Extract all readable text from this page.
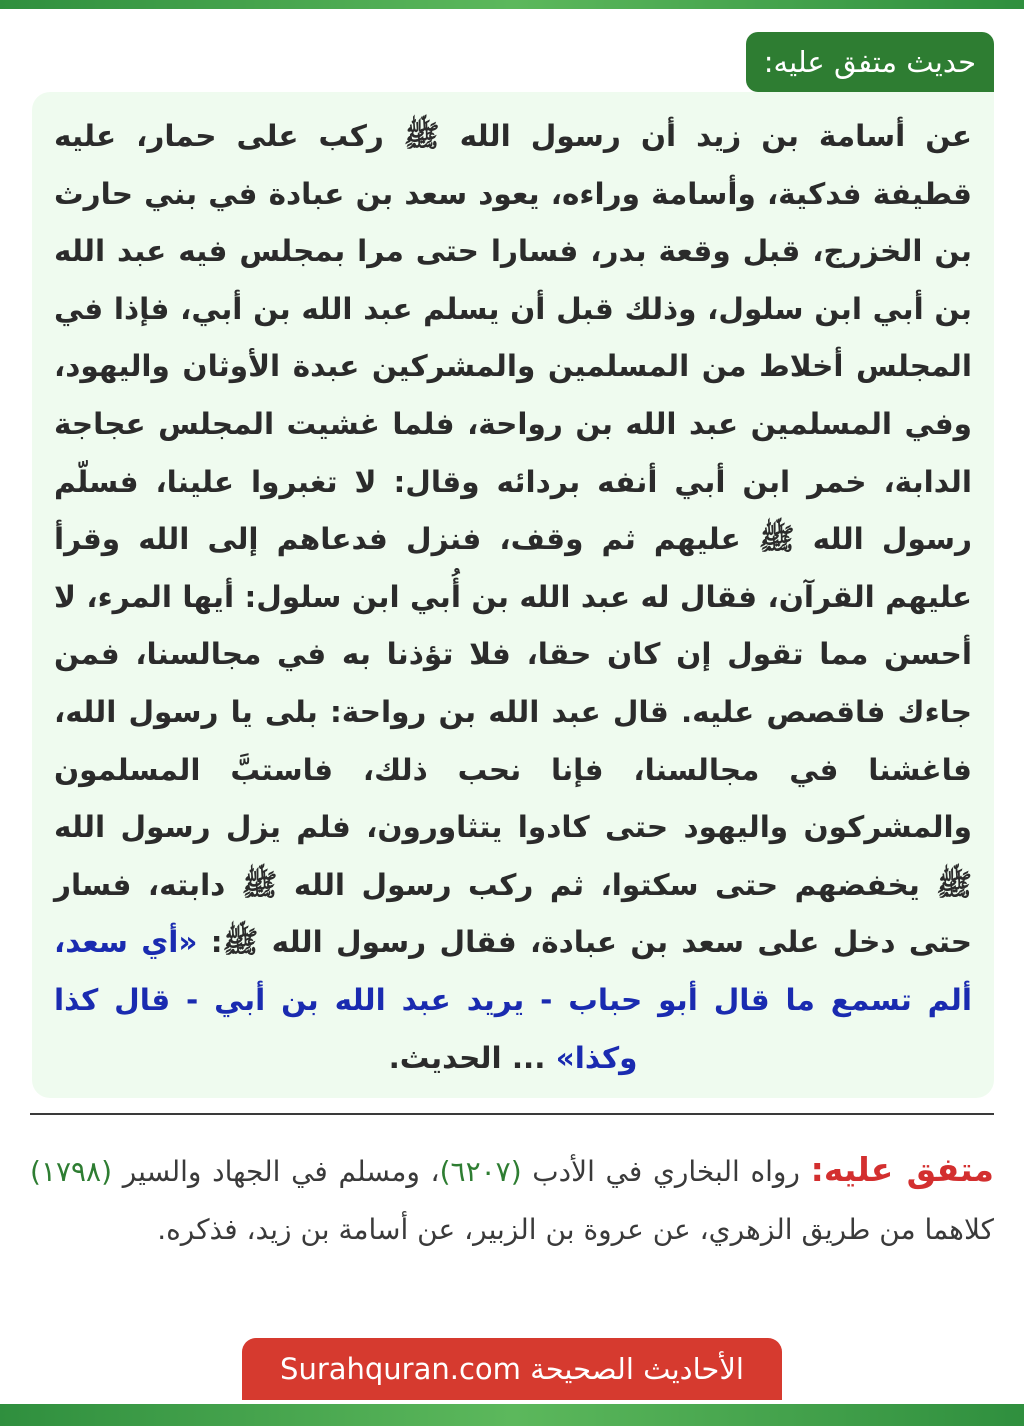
حديث متفق عليه:

عن أسامة بن زيد أن رسول الله ﷺ ركب على حمار، عليه قطيفة فدكية، وأسامة وراءه، يعود سعد بن عبادة في بني حارث بن الخزرج، قبل وقعة بدر، فسارا حتى مرا بمجلس فيه عبد الله بن أبي ابن سلول، وذلك قبل أن يسلم عبد الله بن أبي، فإذا في المجلس أخلاط من المسلمين والمشركين عبدة الأوثان واليهود، وفي المسلمين عبد الله بن رواحة، فلما غشيت المجلس عجاجة الدابة، خمر ابن أبي أنفه بردائه وقال: لا تغبروا علينا، فسلّم رسول الله ﷺ عليهم ثم وقف، فنزل فدعاهم إلى الله وقرأ عليهم القرآن، فقال له عبد الله بن أُبي ابن سلول: أيها المرء، لا أحسن مما تقول إن كان حقا، فلا تؤذنا به في مجالسنا، فمن جاءك فاقصص عليه. قال عبد الله بن رواحة: بلى يا رسول الله، فاغشنا في مجالسنا، فإنا نحب ذلك، فاستبَّ المسلمون والمشركون واليهود حتى كادوا يتثاورون، فلم يزل رسول الله ﷺ يخفضهم حتى سكتوا، ثم ركب رسول الله ﷺ دابته، فسار حتى دخل على سعد بن عبادة، فقال رسول الله ﷺ: «أي سعد، ألم تسمع ما قال أبو حباب - يريد عبد الله بن أبي - قال كذا وكذا» ... الحديث.

متفق عليه: رواه البخاري في الأدب (٦٢٠٧)، ومسلم في الجهاد والسير (١٧٩٨) كلاهما من طريق الزهري، عن عروة بن الزبير، عن أسامة بن زيد، فذكره.

الأحاديث الصحيحة Surahquran.com
